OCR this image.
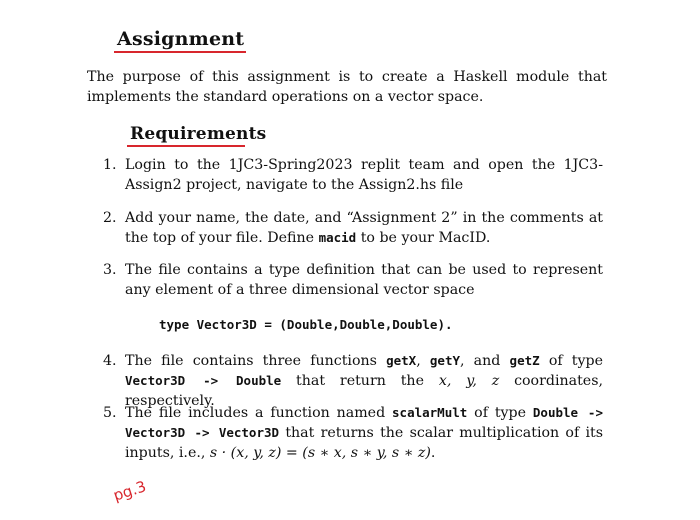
Assignment
The purpose of this assignment is to create a Haskell module that implements the standard operations on a vector space.
Requirements
1. Login to the 1JC3-Spring2023 replit team and open the 1JC3-Assign2 project, navigate to the Assign2.hs file
2. Add your name, the date, and “Assignment 2” in the comments at the top of your file. Define macid to be your MacID.
3. The file contains a type definition that can be used to represent any element of a three dimensional vector space
type Vector3D = (Double,Double,Double).
4. The file contains three functions getX, getY, and getZ of type Vector3D -> Double that return the x, y, z coordinates, respectively.
5. The file includes a function named scalarMult of type Double -> Vector3D -> Vector3D that returns the scalar multiplication of its inputs, i.e., s · (x, y, z) = (s ∗ x, s ∗ y, s ∗ z).
pg.3
